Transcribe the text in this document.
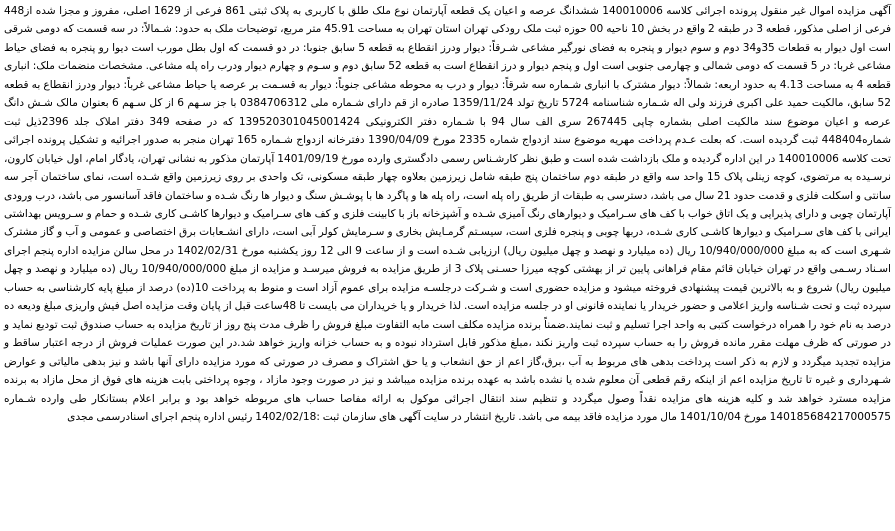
آگهی مزایده اموال غیر منقول پرونده اجرائی کلاسه 140010006 ششدانگ عرصه و اعیان یک قطعه آپارتمان نوع ملک طلق با کاربری به پلاک ثبتی 861 فرعی از 1629 اصلی، مفروز و مجزا شده از448 فرعی از اصلی مذکور، قطعه 3 در طبقه 2 واقع در بخش 10 ناحیه 00 حوزه ثبت ملک رودکی تهران استان تهران به مساحت 45.91 متر مربع، توضیحات ملک به حدود: شـمالاً: در سه قسمت که دومی شرقی است اول دیوار به قطعات 35و34 دوم و سوم دیوار و پنجره به فضای نورگیر مشاعی شـرقاً: دیوار ودرز انقطاع به قطعه 5 سابق جنوبا: در دو قسمت که اول بطل مورب است دیوا رو پنجره به فضای حیاط مشاعی غربا: در 5 قسمت که دومی شمالی و چهارمی جنوبی است اول و پنجم دیوار و درز انقطاع است به قطعه 52 سابق دوم و سـوم و چهارم دیوار ودرب راه پله مشاعی. مشخصات منضمات ملک: انباری قطعه 4 به مساحت 4.13 به حدود اربعه: شمالاً: دیوار مشترک با انباری شـماره سه شرقاً: دیوار و درب به محوطه مشاعی جنوباً: دیوار به قسـمت بر عرصه یا حیاط مشاعی غرباً: دیوار ودرز انقطاع به قطعه 52 سابق، مالکیت حمید علی اکبری فرزند ولی اله شـماره شناسنامه 5724 تاریخ تولد 1359/11/24 صادره از قم دارای شـماره ملی 0384706312 با جز سـهم 6 از کل سـهم 6 بعنوان مالک شـش دانگ عرصه و اعیان موضوع سند مالکیت اصلی بشماره چاپی 267445 سری الف سال 94 با شـماره دفتر الکترونیکی 139520301045001424 که در صفحه 349 دفتر املاک جلد 2396ذیل ثبت شماره448404 ثبت گردیده است. که بعلت عـدم پرداخت مهریه موضوع سند ازدواج شماره 2335 مورخ 1390/04/09 دفترخانه ازدواج شـماره 165 تهران منجر به صدور اجرائیه و تشکیل پرونده اجرائی تحت کلاسه 140010006 در این اداره گردیده و ملک بازداشت شده است و طبق نظر کارشـناس رسمی دادگستری وارده مورخ 1401/09/19 آپارتمان مذکور به نشانی تهران، یادگار امام، اول خیابان کارون، نرسـیده به مرتضوی، کوچه زینلی پلاک 15 واحد سه واقع در طبقه دوم ساختمان پنج طبقه شامل زیرزمین بعلاوه چهار طبقه مسکونی، تک واحدی بر روی زیرزمین واقع شـده است، نمای ساختمان آجر سه سانتی و اسکلت فلزی و قدمت حدود 21 سال می باشد، دسترسی به طبقات از طریق راه پله است، راه پله ها و پاگرد ها با پوشـش سنگ و دیوار ها رنگ شـده و ساختمان فاقد آسانسور می باشد، درب ورودی آپارتمان چوبی و دارای پذیرایی و یک اتاق خواب با کف های سـرامیک و دیوارهای رنگ آمیزی شـده و آشپزخانه باز با کابینت فلزی و کف های سـرامیک و دیوارها کاشـی کاری شـده و حمام و سـرویس بهداشتی ایرانی با کف های سـرامیک و دیوارها کاشـی کاری شـده، دربها چوبی و پنجره فلزی است، سیسـتم گرمـایش بخاری و سـرمایش کولر آبی است، دارای انشـعابات برق اختصاصی و عمومی و آب و گاز مشترک شـهری است که به مبلغ 10/940/000/000 ریال (ده میلیارد و نهصد و چهل میلیون ریال) ارزیابی شـده است و از ساعت 9 الی 12 روز یکشنبه مورخ 1402/02/31 در محل سالن مزایده اداره پنجم اجرای اسـناد رسـمی واقع در تهران خیابان قائم مقام فراهانی پایین تر از بهشتی کوچه میرزا حسـنی پلاک 3 از طریق مزایده به فروش میرسـد و مزایده از مبلغ 10/940/000/000 ریال (ده میلیارد و نهصد و چهل میلیون ریال) شروع و به بالاترین قیمت پیشنهادی فروخته میشود و مزایده حضوری است و شـرکت درجلسـه مزایده برای عموم آزاد است و منوط به پرداخت 10(ده) درصد از مبلغ پایه کارشناسی به حساب سپرده ثبت و تحت شـناسه واریز اعلامی و حضور خریدار یا نماینده قانونی او در جلسه مزایده است. لذا خریدار و یا خریداران می بایست تا 48ساعت قبل از پایان وقت مزایده اصل فیش واریزی مبلغ ودیعه ده درصد به نام خود را همراه درخواست کتبی به واحد اجرا تسلیم و ثبت نمایند.ضمناً برنده مزایده مکلف است مابه التفاوت مبلغ فروش را ظرف مدت پنج روز از تاریخ مزایده به حساب صندوق ثبت تودیع نماید و در صورتی که ظرف مهلت مقرر مانده فروش را به حساب سپرده ثبت واریز نکند ،مبلغ مذکور قابل استرداد نبوده و به حساب خزانه واریز خواهد شد.در این صورت عملیات فروش از درجه اعتبار ساقط و مزایده تجدید میگردد و لازم به ذکر است پرداخت بدهی های مربوط به آب ،برق،گاز اعم از حق انشعاب و یا حق اشتراک و مصرف در صورتی که مورد مزایده دارای آنها باشد و نیز بدهی مالیاتی و عوارض شـهرداری و غیره تا تاریخ مزایده اعم از اینکه رقم قطعی آن معلوم شده یا نشده باشد به عهده برنده مزایده میباشد و نیز در صورت وجود مازاد ، وجوه پرداختی بابت هزینه های فوق از محل مازاد به برنده مزایده مسترد خواهد شد و کلیه هزینه های مزایده نقداً وصول میگردد و تنظیم سند انتقال اجرائی موکول به ارائه مفاصا حساب های مربوطه خواهد بود و برابر اعلام بستانکار طی وارده شـماره 140185684217000575 مورخ 1401/10/04 مال مورد مزایده فاقد بیمه می باشد. تاریخ انتشار در سایت آگهی های سازمان ثبت :1402/02/18 رئیس اداره پنجم اجرای اسنادرسمی مجدی
